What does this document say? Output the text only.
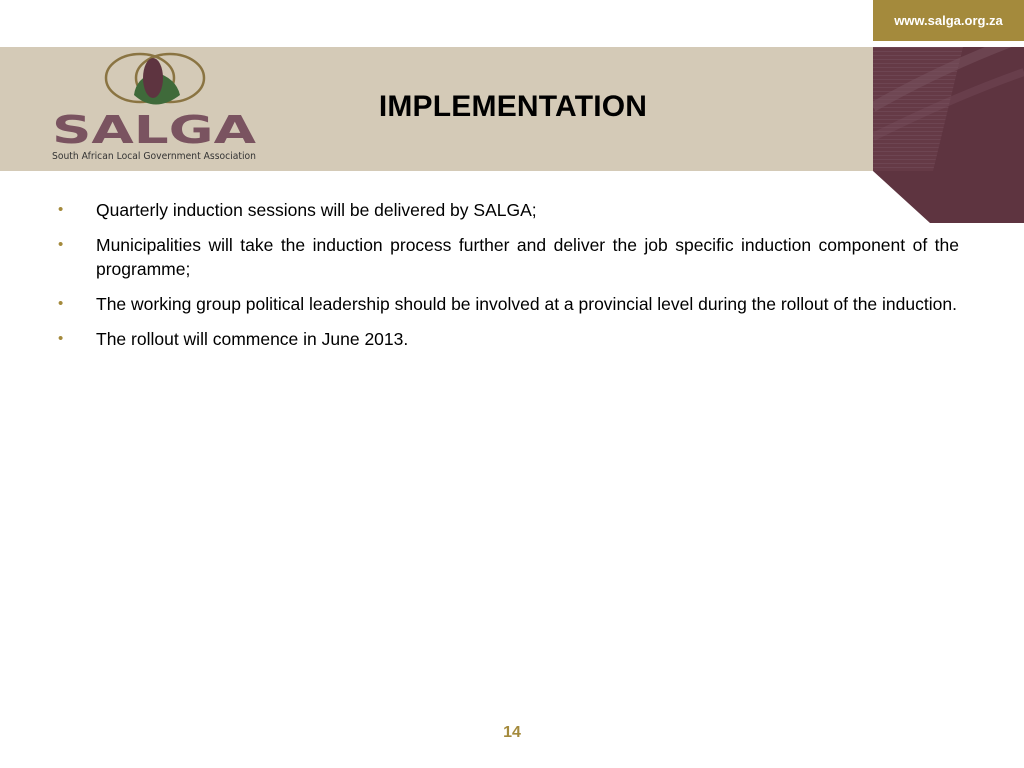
www.salga.org.za
SALGA
South African Local Government Association
IMPLEMENTATION
•	Quarterly induction sessions will be delivered by SALGA;
•	Municipalities will take the induction process further and deliver the job specific induction component of the programme;
•	The working group political leadership should be involved at a provincial level during the rollout of the induction.
•	The rollout will commence in June 2013.
14
